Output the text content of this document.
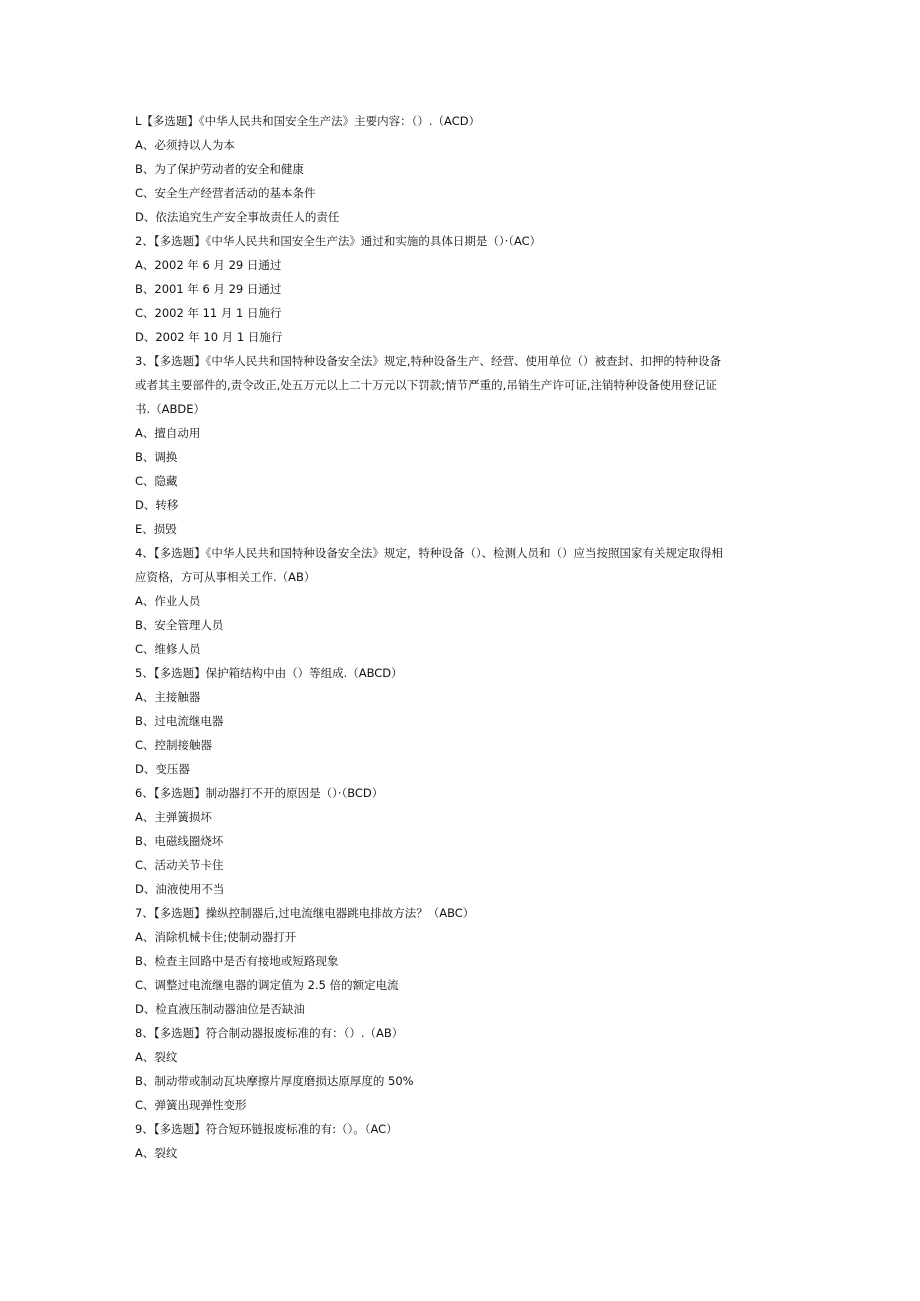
L【多选题】《中华人民共和国安全生产法》主要内容：（）.（ACD）
A、必须持以人为本
B、为了保护劳动者的安全和健康
C、安全生产经营者活动的基本条件
D、依法追究生产安全事故责任人的责任
2、【多选题】《中华人民共和国安全生产法》通过和实施的具体日期是（）·（AC）
A、2002 年 6 月 29 日通过
B、2001 年 6 月 29 日通过
C、2002 年 11 月 1 日施行
D、2002 年 10 月 1 日施行
3、【多选题】《中华人民共和国特种设备安全法》规定,特种设备生产、经营、使用单位（）被查封、扣押的特种设备
或者其主要部件的,责令改正,处五万元以上二十万元以下罚款;情节严重的,吊销生产许可证,注销特种设备使用登记证
书.（ABDE）
A、擅自动用
B、调换
C、隐藏
D、转移
E、损毁
4、【多选题】《中华人民共和国特种设备安全法》规定，特种设备（）、检测人员和（）应当按照国家有关规定取得相
应资格，方可从事相关工作.（AB）
A、作业人员
B、安全管理人员
C、维修人员
5、【多选题】保护箱结构中由（）等组成.（ABCD）
A、主接触器
B、过电流继电器
C、控制接触器
D、变压器
6、【多选题】制动器打不开的原因是（）·（BCD）
A、主弹簧损坏
B、电磁线圈烧坏
C、活动关节卡住
D、油液使用不当
7、【多选题】操纵控制器后,过电流继电器跳电排故方法？（ABC）
A、消除机械卡住;使制动器打开
B、检查主回路中是否有接地或短路现象
C、调整过电流继电器的调定值为 2.5 倍的额定电流
D、检直液压制动器油位是否缺油
8、【多选题】符合制动器报废标准的有：（）.（AB）
A、裂纹
B、制动带或制动瓦块摩擦片厚度磨损达原厚度的 50%
C、弹簧出现弹性变形
9、【多选题】符合短环链报废标准的有:（）。（AC）
A、裂纹
